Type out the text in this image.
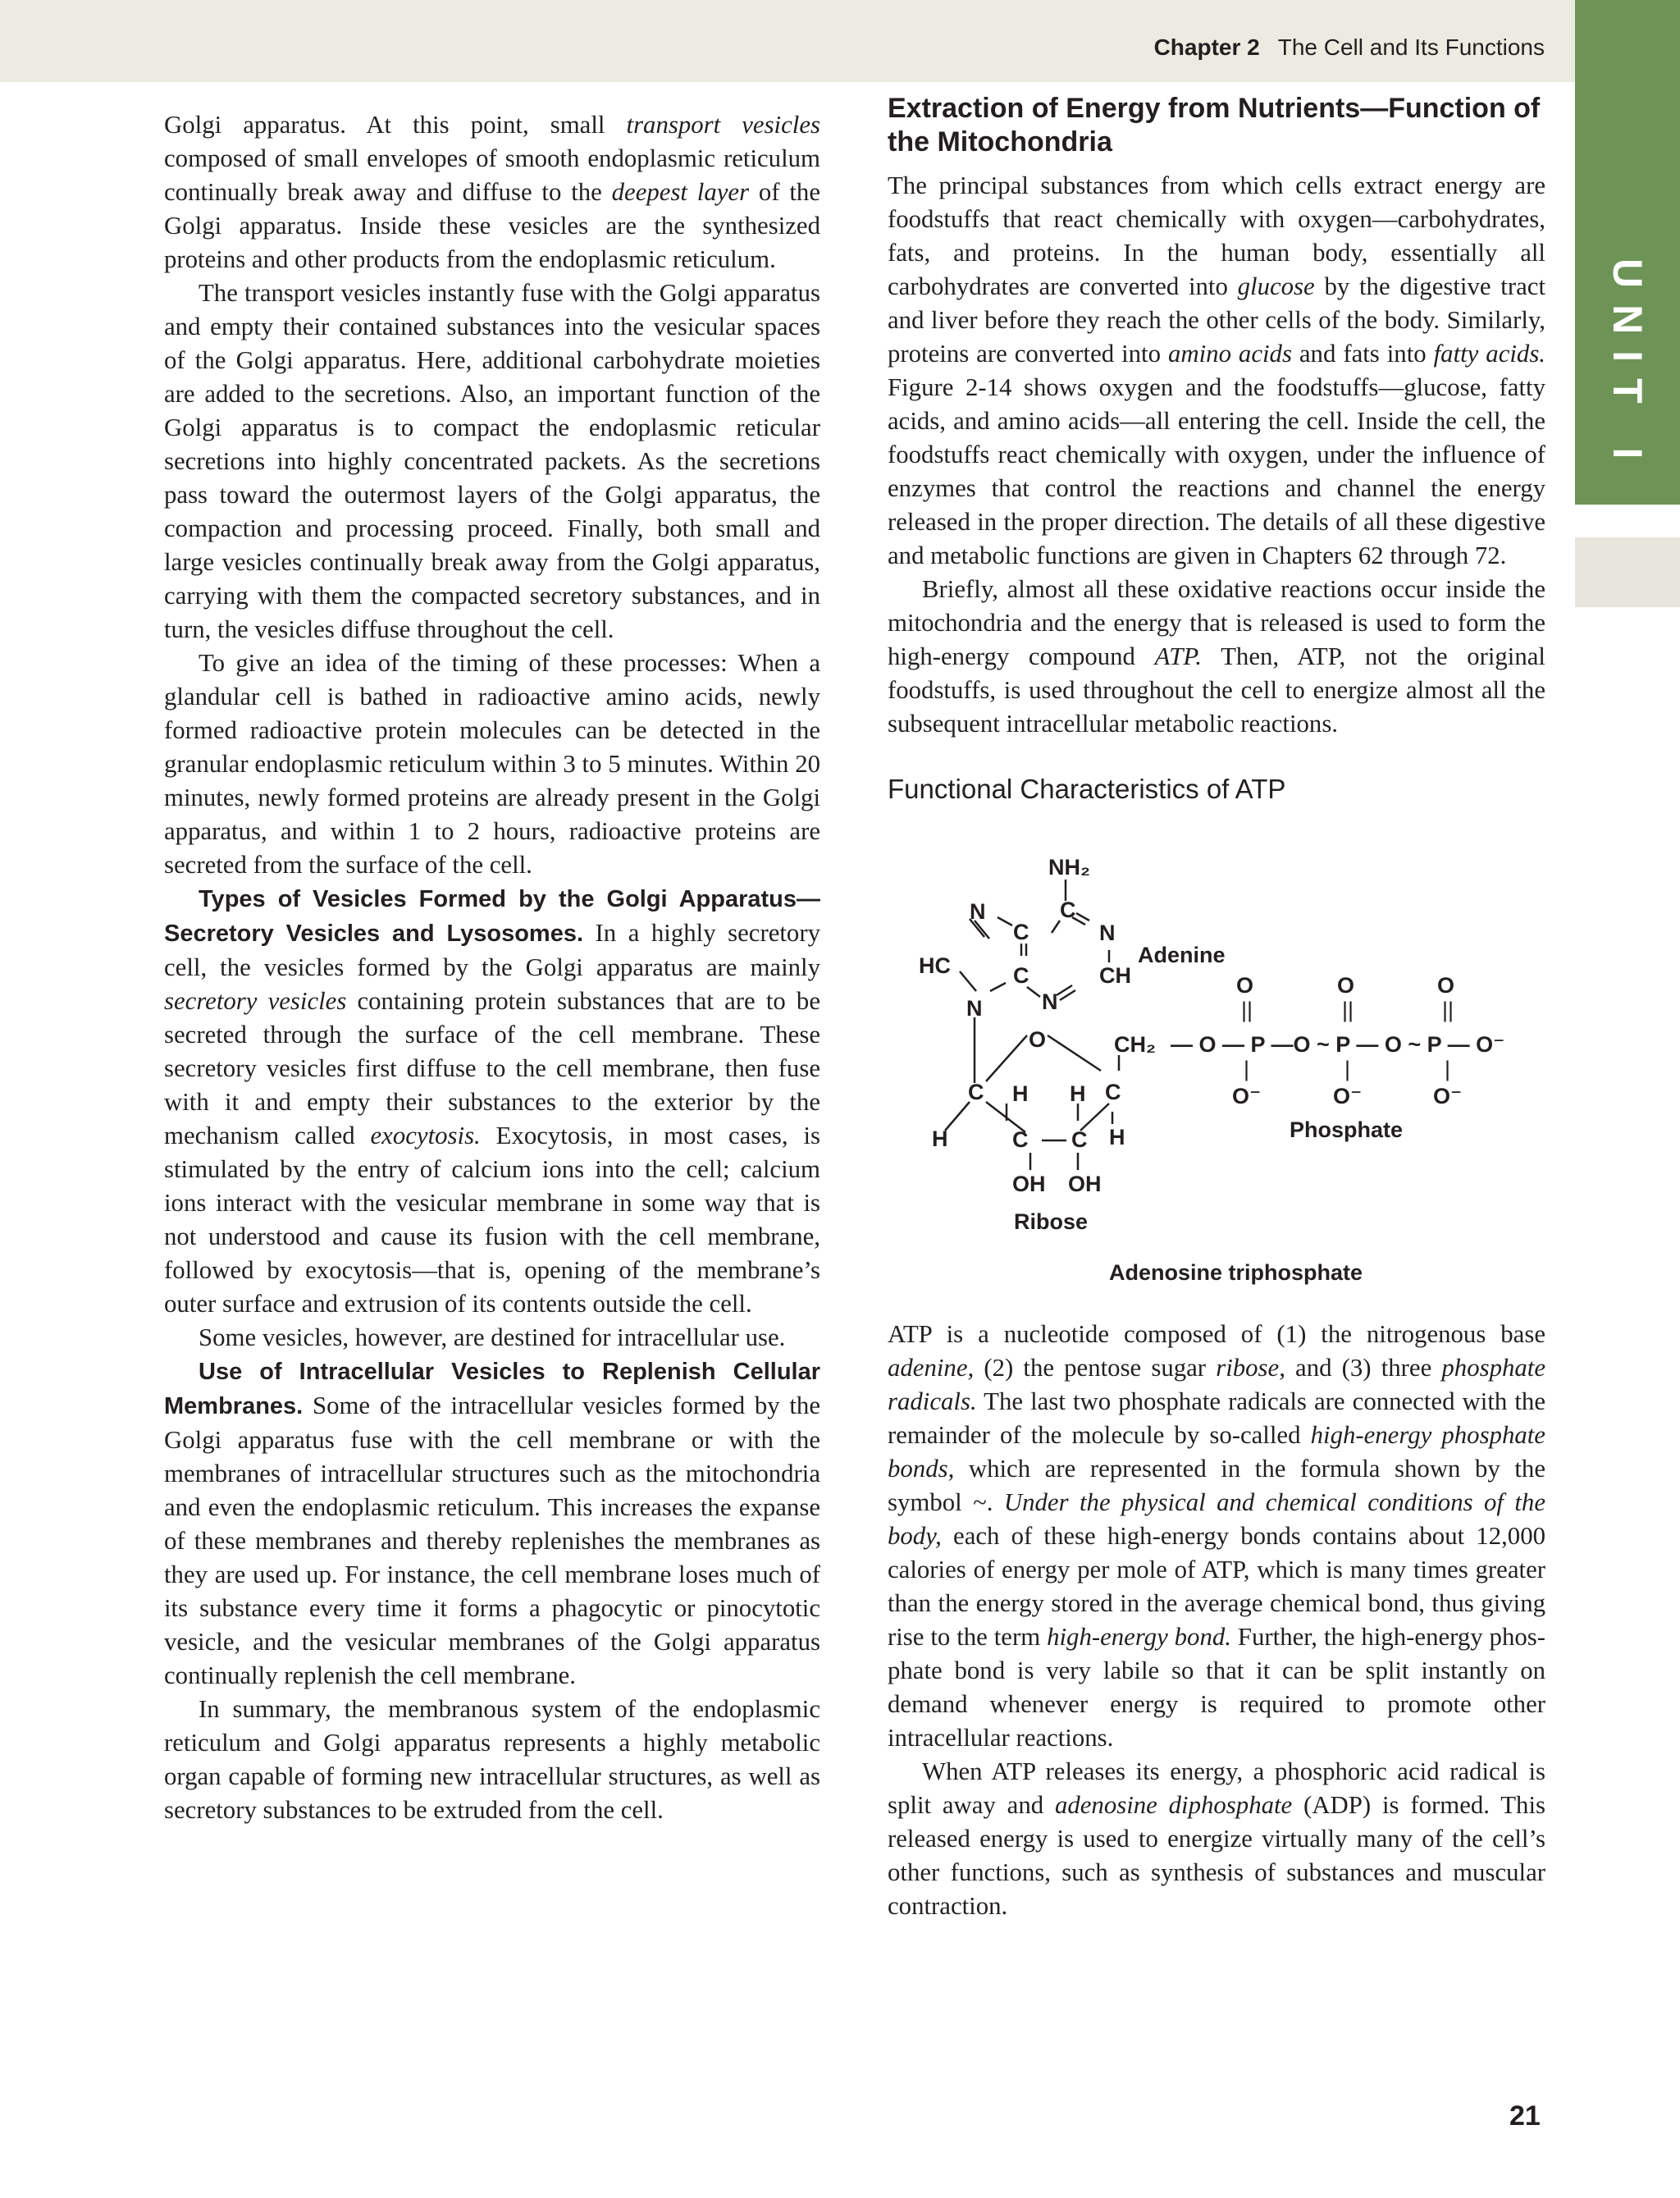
Chapter 2 The Cell and Its Functions

Golgi apparatus. At this point, small transport vesicles composed of small envelopes of smooth endoplasmic reticulum continually break away and diffuse to the deepest layer of the Golgi apparatus. Inside these vesicles are the synthesized proteins and other products from the endoplasmic reticulum.

The transport vesicles instantly fuse with the Golgi apparatus and empty their contained substances into the vesicular spaces of the Golgi apparatus. Here, additional carbohydrate moieties are added to the secretions. Also, an important function of the Golgi apparatus is to compact the endoplasmic reticular secretions into highly concentrated packets. As the secretions pass toward the outermost layers of the Golgi apparatus, the compaction and processing proceed. Finally, both small and large vesicles continually break away from the Golgi apparatus, carrying with them the compacted secretory substances, and in turn, the vesicles diffuse throughout the cell.

To give an idea of the timing of these processes: When a glandular cell is bathed in radioactive amino acids, newly formed radioactive protein molecules can be detected in the granular endoplasmic reticulum within 3 to 5 minutes. Within 20 minutes, newly formed proteins are already present in the Golgi apparatus, and within 1 to 2 hours, radioactive proteins are secreted from the surface of the cell.

Types of Vesicles Formed by the Golgi Apparatus—Secretory Vesicles and Lysosomes. In a highly secretory cell, the vesicles formed by the Golgi apparatus are mainly secretory vesicles containing protein substances that are to be secreted through the surface of the cell membrane. These secretory vesicles first diffuse to the cell membrane, then fuse with it and empty their substances to the exterior by the mechanism called exocytosis. Exocytosis, in most cases, is stimulated by the entry of calcium ions into the cell; calcium ions interact with the vesicular membrane in some way that is not understood and cause its fusion with the cell membrane, followed by exocytosis—that is, opening of the membrane’s outer surface and extrusion of its contents outside the cell.

Some vesicles, however, are destined for intracellular use.

Use of Intracellular Vesicles to Replenish Cellular Membranes. Some of the intracellular vesicles formed by the Golgi apparatus fuse with the cell membrane or with the membranes of intracellular structures such as the mitochondria and even the endoplasmic reticulum. This increases the expanse of these membranes and thereby replenishes the membranes as they are used up. For instance, the cell membrane loses much of its substance every time it forms a phagocytic or pinocytotic vesicle, and the vesicular membranes of the Golgi apparatus continually replenish the cell membrane.

In summary, the membranous system of the endoplasmic reticulum and Golgi apparatus represents a highly metabolic organ capable of forming new intracellular structures, as well as secretory substances to be extruded from the cell.

Extraction of Energy from Nutrients—Function of the Mitochondria

The principal substances from which cells extract energy are foodstuffs that react chemically with oxygen—carbohydrates, fats, and proteins. In the human body, essentially all carbohydrates are converted into glucose by the digestive tract and liver before they reach the other cells of the body. Similarly, proteins are converted into amino acids and fats into fatty acids. Figure 2-14 shows oxygen and the foodstuffs—glucose, fatty acids, and amino acids—all entering the cell. Inside the cell, the foodstuffs react chemically with oxygen, under the influence of enzymes that control the reactions and channel the energy released in the proper direction. The details of all these digestive and metabolic functions are given in Chapters 62 through 72.

Briefly, almost all these oxidative reactions occur inside the mitochondria and the energy that is released is used to form the high-energy compound ATP. Then, ATP, not the original foodstuffs, is used throughout the cell to energize almost all the subsequent intracellular metabolic reactions.

Functional Characteristics of ATP
NH₂
N	C
C	N
HC	C	CH
N	N
Adenine
O	CH₂
C H H C
H	C C H
OH OH
Ribose
— O — P —O ~ P — O ~ P — O⁻
O	O	O
||	||	||
|	|	|
O⁻	O⁻	O⁻
Phosphate
Adenosine triphosphate

ATP is a nucleotide composed of (1) the nitrogenous base adenine, (2) the pentose sugar ribose, and (3) three phosphate radicals. The last two phosphate radicals are connected with the remainder of the molecule by so-called high-energy phosphate bonds, which are represented in the formula shown by the symbol ~. Under the physical and chemical conditions of the body, each of these high-energy bonds contains about 12,000 calories of energy per mole of ATP, which is many times greater than the energy stored in the average chemical bond, thus giving rise to the term high-energy bond. Further, the high-energy phosphate bond is very labile so that it can be split instantly on demand whenever energy is required to promote other intracellular reactions.

When ATP releases its energy, a phosphoric acid radical is split away and adenosine diphosphate (ADP) is formed. This released energy is used to energize virtually many of the cell’s other functions, such as synthesis of substances and muscular contraction.

21
